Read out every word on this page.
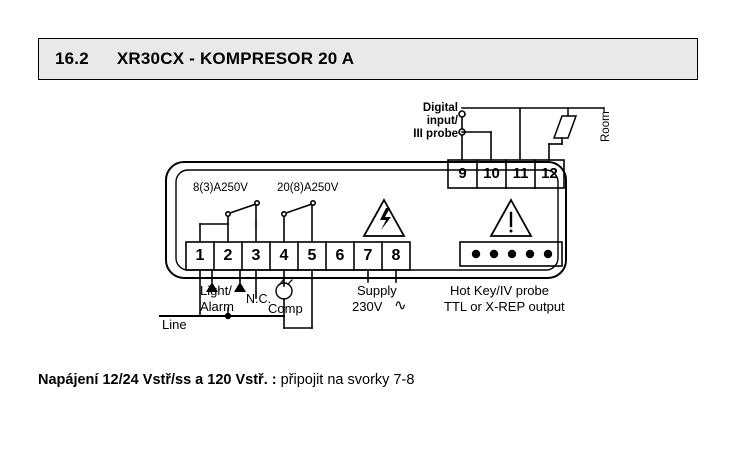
16.2 XR30CX - KOMPRESOR 20 A
Digital
input/
III probe	Room
8(3)A250V	20(8)A250V
1	2	3	4	5	6	7	8
9	10 11 12
Light/
Alarm N.C.
Comp
Supply
230V ∿
Hot Key/IV probe
TTL or X-REP output
Line
Napájení 12/24 Vstř/ss a 120 Vstř. : připojit na svorky 7-8
